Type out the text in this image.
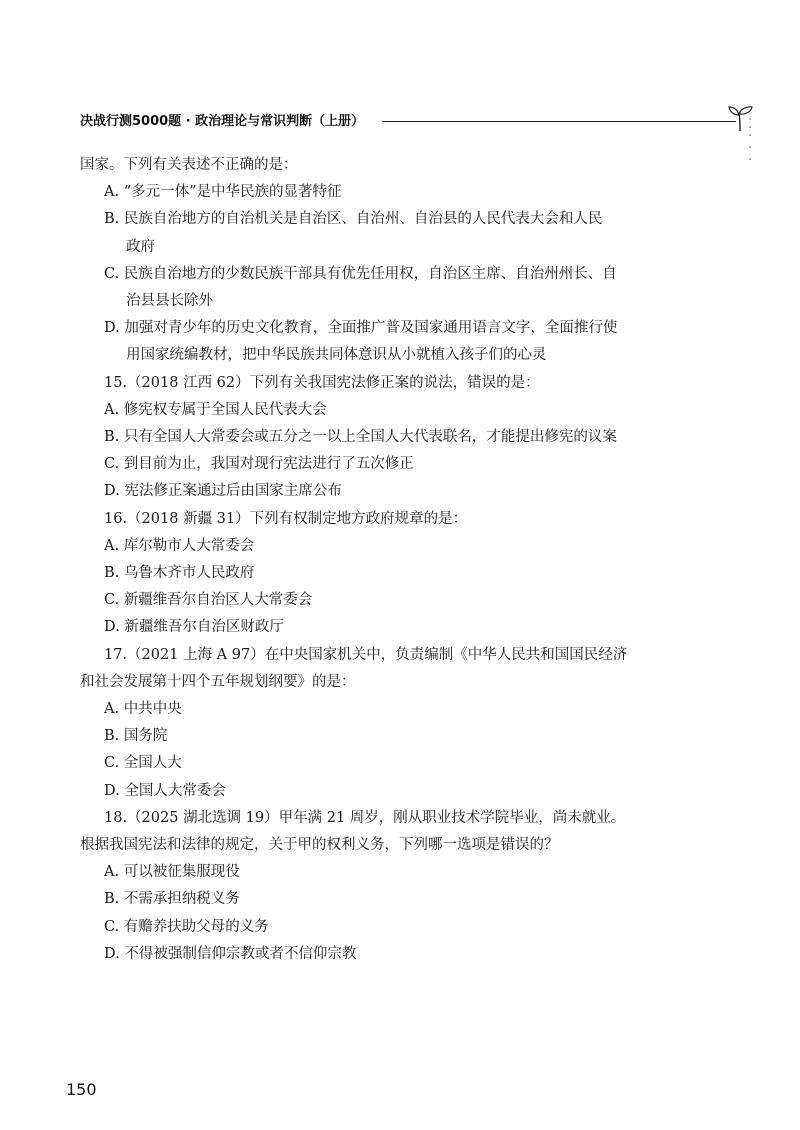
决战行测5000题 · 政治理论与常识判断（上册）
国家。下列有关表述不正确的是：
A. “多元一体”是中华民族的显著特征
B. 民族自治地方的自治机关是自治区、自治州、自治县的人民代表大会和人民
政府
C. 民族自治地方的少数民族干部具有优先任用权，自治区主席、自治州州长、自
治县县长除外
D. 加强对青少年的历史文化教育，全面推广普及国家通用语言文字，全面推行使
用国家统编教材，把中华民族共同体意识从小就植入孩子们的心灵
15.（2018 江西 62）下列有关我国宪法修正案的说法，错误的是：
A. 修宪权专属于全国人民代表大会
B. 只有全国人大常委会或五分之一以上全国人大代表联名，才能提出修宪的议案
C. 到目前为止，我国对现行宪法进行了五次修正
D. 宪法修正案通过后由国家主席公布
16.（2018 新疆 31）下列有权制定地方政府规章的是：
A. 库尔勒市人大常委会
B. 乌鲁木齐市人民政府
C. 新疆维吾尔自治区人大常委会
D. 新疆维吾尔自治区财政厅
17.（2021 上海 A 97）在中央国家机关中，负责编制《中华人民共和国国民经济
和社会发展第十四个五年规划纲要》的是：
A. 中共中央
B. 国务院
C. 全国人大
D. 全国人大常委会
18.（2025 湖北选调 19）甲年满 21 周岁，刚从职业技术学院毕业，尚未就业。
根据我国宪法和法律的规定，关于甲的权利义务，下列哪一选项是错误的？
A. 可以被征集服现役
B. 不需承担纳税义务
C. 有赡养扶助父母的义务
D. 不得被强制信仰宗教或者不信仰宗教
150
